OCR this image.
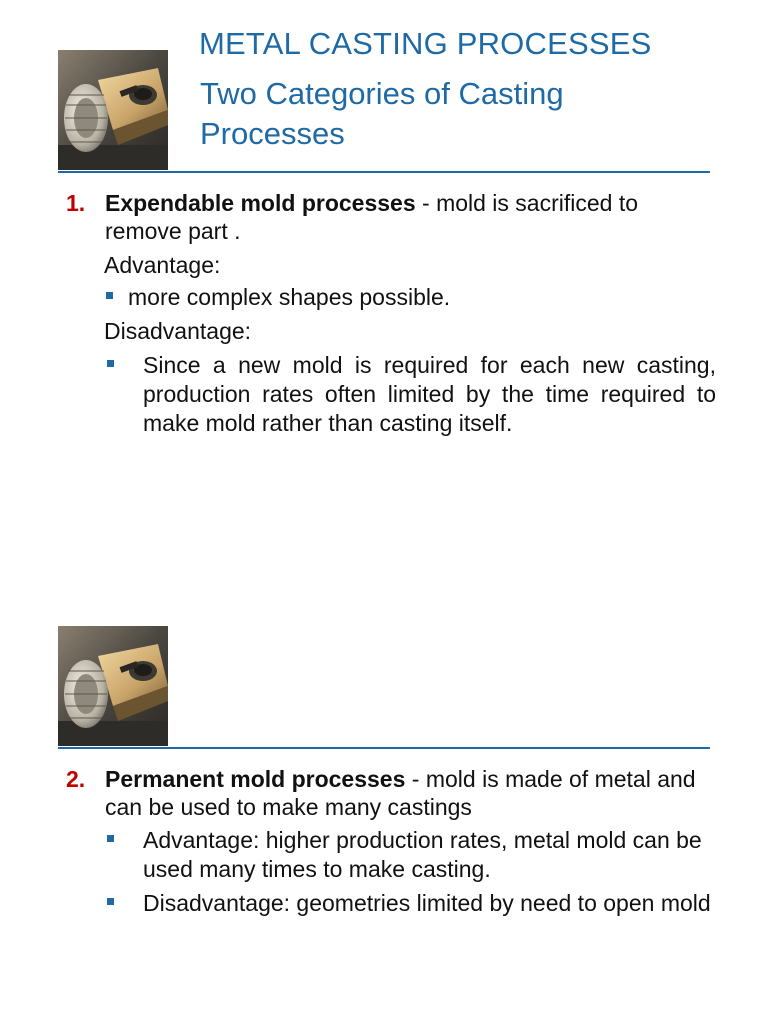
METAL CASTING PROCESSES
Two Categories of Casting Processes
1. Expendable mold processes - mold is sacrificed to remove part .
Advantage:
more complex shapes possible.
Disadvantage:
Since a new mold is required for each new casting, production rates often limited by the time required to make mold rather than casting itself.
2. Permanent mold processes - mold is made of metal and can be used to make many castings
Advantage: higher production rates, metal mold can be used many times to make casting.
Disadvantage: geometries limited by need to open mold
